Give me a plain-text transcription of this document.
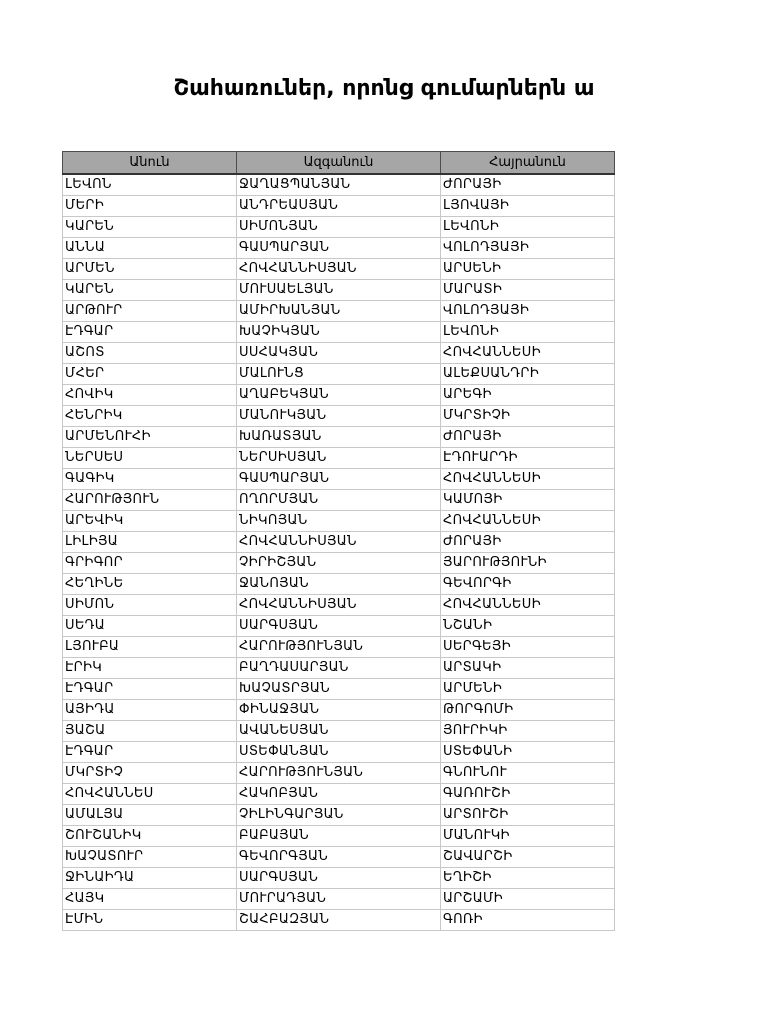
Շահառուներ, որոնց գումարներն ա
Անուն	Ազգանուն	Հայրանուն
ԼԵՎՈՆ	ՋԱՂԱՑՊԱՆՅԱՆ	ԺՈՐԱՅԻ
ՄԵՐԻ	ԱՆԴՐԵԱՍՅԱՆ	ԼՅՈՎԱՅԻ
ԿԱՐԵՆ	ՍԻՄՈՆՅԱՆ	ԼԵՎՈՆԻ
ԱՆՆԱ	ԳԱՍՊԱՐՅԱՆ	ՎՈԼՈԴՅԱՅԻ
ԱՐՄԵՆ	ՀՈՎՀԱՆՆԻՍՅԱՆ	ԱՐՍԵՆԻ
ԿԱՐԵՆ	ՄՈՒՍԱԵԼՅԱՆ	ՄԱՐԱՏԻ
ԱՐԹՈՒՐ	ԱՄԻՐԽԱՆՅԱՆ	ՎՈԼՈԴՅԱՅԻ
ԷԴԳԱՐ	ԽԱՉԻԿՅԱՆ	ԼԵՎՈՆԻ
ԱՇՈՏ	ՍՍՀԱԿՅԱՆ	ՀՈՎՀԱՆՆԵՍԻ
ՄՀԵՐ	ՄԱԼՈՒՆՑ	ԱԼԵՔՍԱՆԴՐԻ
ՀՈՎԻԿ	ԱՂԱԲԵԿՅԱՆ	ԱՐԵԳԻ
ՀԵՆՐԻԿ	ՄԱՆՈՒԿՅԱՆ	ՄԿՐՏԻՉԻ
ԱՐՄԵՆՈՒՀԻ	ԽԱՌԱՏՅԱՆ	ԺՈՐԱՅԻ
ՆԵՐՍԵՍ	ՆԵՐՍԻՍՅԱՆ	ԷԴՈՒԱՐԴԻ
ԳԱԳԻԿ	ԳԱՍՊԱՐՅԱՆ	ՀՈՎՀԱՆՆԵՍԻ
ՀԱՐՈՒԹՅՈՒՆ	ՈՂՈՐՄՅԱՆ	ԿԱՄՈՅԻ
ԱՐԵՎԻԿ	ՆԻԿՈՅԱՆ	ՀՈՎՀԱՆՆԵՍԻ
ԼԻԼԻՅԱ	ՀՈՎՀԱՆՆԻՍՅԱՆ	ԺՈՐԱՅԻ
ԳՐԻԳՈՐ	ՉԻՐԻՇՅԱՆ	ՅԱՐՈՒԹՅՈՒՆԻ
ՀԵՂԻՆԵ	ՋԱՆՈՅԱՆ	ԳԵՎՈՐԳԻ
ՍԻՄՈՆ	ՀՈՎՀԱՆՆԻՍՅԱՆ	ՀՈՎՀԱՆՆԵՍԻ
ՍԵԴԱ	ՍԱՐԳՍՅԱՆ	ՆՇԱՆԻ
ԼՅՈՒԲԱ	ՀԱՐՈՒԹՅՈՒՆՅԱՆ	ՍԵՐԳԵՅԻ
ԷՐԻԿ	ԲԱՂԴԱՍԱՐՅԱՆ	ԱՐՏԱԿԻ
ԷԴԳԱՐ	ԽԱՉԱՏՐՅԱՆ	ԱՐՄԵՆԻ
ԱՅԻԴԱ	ՓԻՆԱՋՅԱՆ	ԹՈՐԳՈՄԻ
ՅԱՇԱ	ԱՎԱՆԵՍՅԱՆ	ՅՈՒՐԻԿԻ
ԷԴԳԱՐ	ՍՏԵՓԱՆՅԱՆ	ՍՏԵՓԱՆԻ
ՄԿՐՏԻՉ	ՀԱՐՈՒԹՅՈՒՆՅԱՆ	ԳՆՈՒՆՈՒ
ՀՈՎՀԱՆՆԵՍ	ՀԱԿՈԲՅԱՆ	ԳԱՌՈՒՇԻ
ԱՄԱԼՅԱ	ՉԻԼԻՆԳԱՐՅԱՆ	ԱՐՏՈՒՇԻ
ՇՈՒՇԱՆԻԿ	ԲԱԲԱՅԱՆ	ՄԱՆՈՒԿԻ
ԽԱՉԱՏՈՒՐ	ԳԵՎՈՐԳՅԱՆ	ՇԱՎԱՐՇԻ
ՋԻՆԱԻԴԱ	ՍԱՐԳՍՅԱՆ	ԵՂԻՇԻ
ՀԱՅԿ	ՄՈՒՐԱԴՅԱՆ	ԱՐՇԱՄԻ
ԷՄԻՆ	ՇԱՀԲԱԶՅԱՆ	ԳՈՌԻ
